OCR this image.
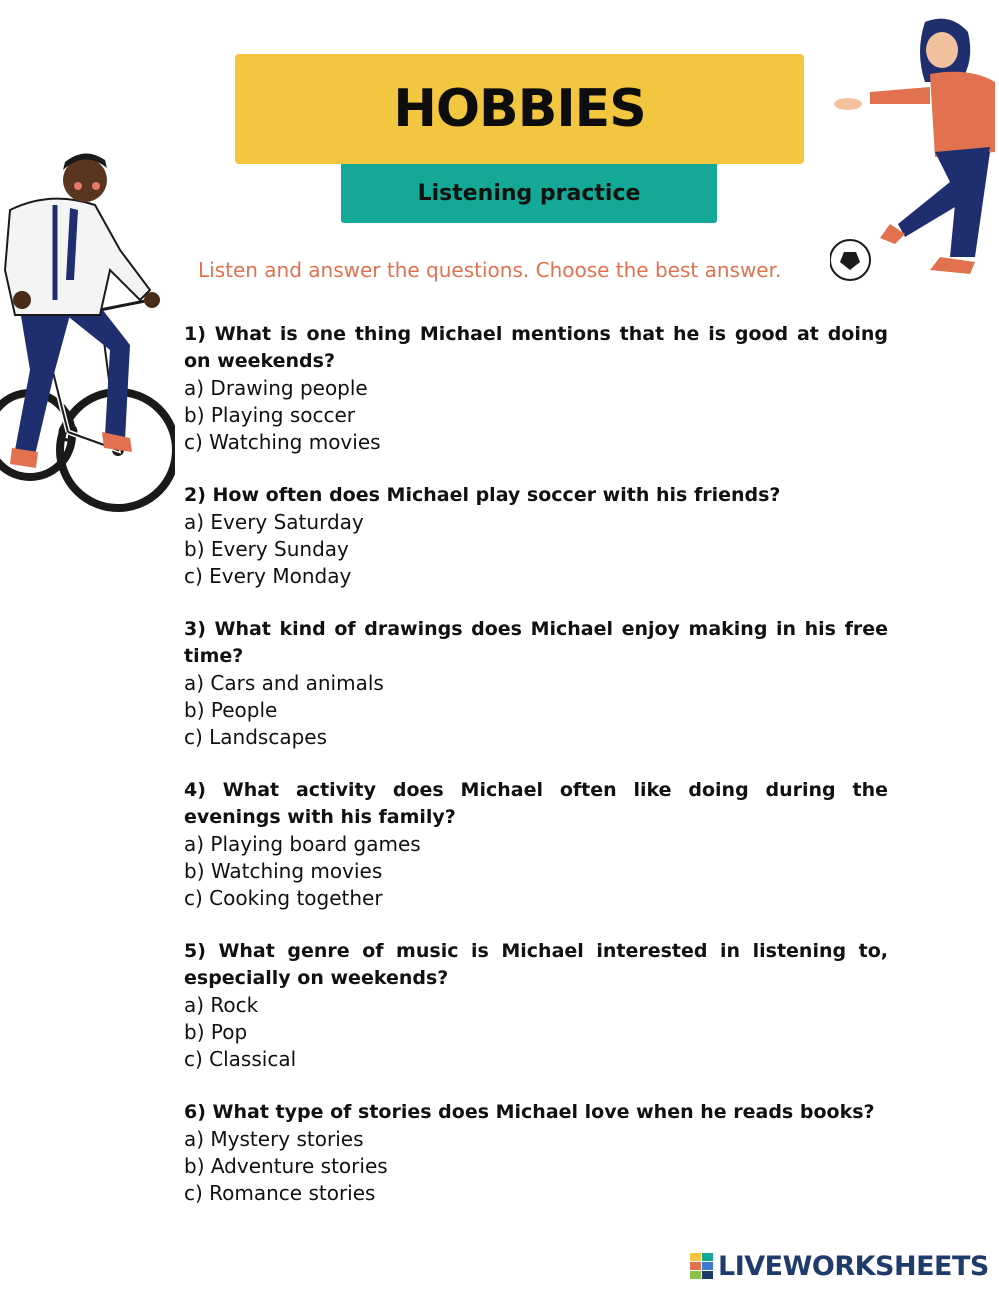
HOBBIES
Listening practice
Listen and answer the questions. Choose the best answer.
1) What is one thing Michael mentions that he is good at doing on weekends?
a) Drawing people
b) Playing soccer
c) Watching movies
2) How often does Michael play soccer with his friends?
a) Every Saturday
b) Every Sunday
c) Every Monday
3) What kind of drawings does Michael enjoy making in his free time?
a) Cars and animals
b) People
c) Landscapes
4) What activity does Michael often like doing during the evenings with his family?
a) Playing board games
b) Watching movies
c) Cooking together
5) What genre of music is Michael interested in listening to, especially on weekends?
a) Rock
b) Pop
c) Classical
6) What type of stories does Michael love when he reads books?
a) Mystery stories
b) Adventure stories
c) Romance stories
LIVEWORKSHEETS
